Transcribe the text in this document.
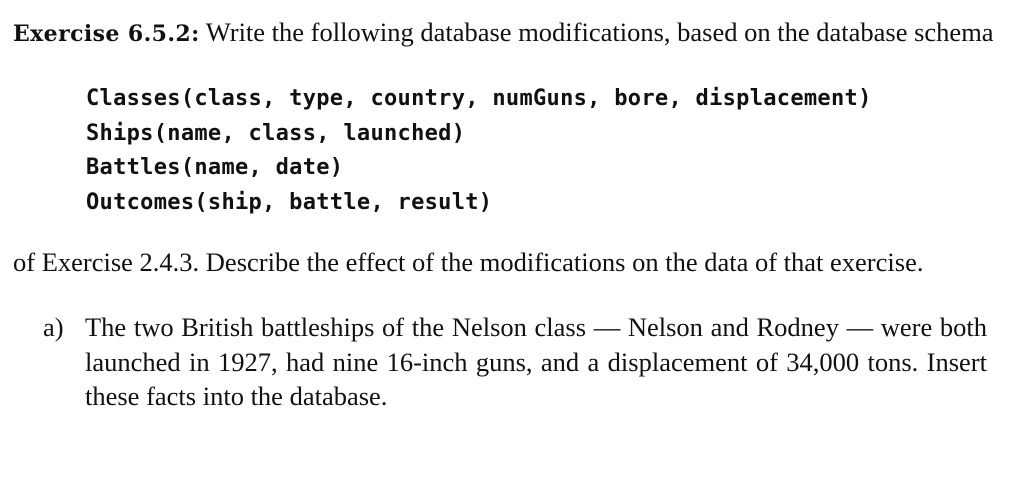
Exercise 6.5.2: Write the following database modifications, based on the database schema

Classes(class, type, country, numGuns, bore, displacement)
Ships(name, class, launched)
Battles(name, date)
Outcomes(ship, battle, result)

of Exercise 2.4.3. Describe the effect of the modifications on the data of that exercise.

a) The two British battleships of the Nelson class — Nelson and Rodney — were both launched in 1927, had nine 16-inch guns, and a displacement of 34,000 tons. Insert these facts into the database.
